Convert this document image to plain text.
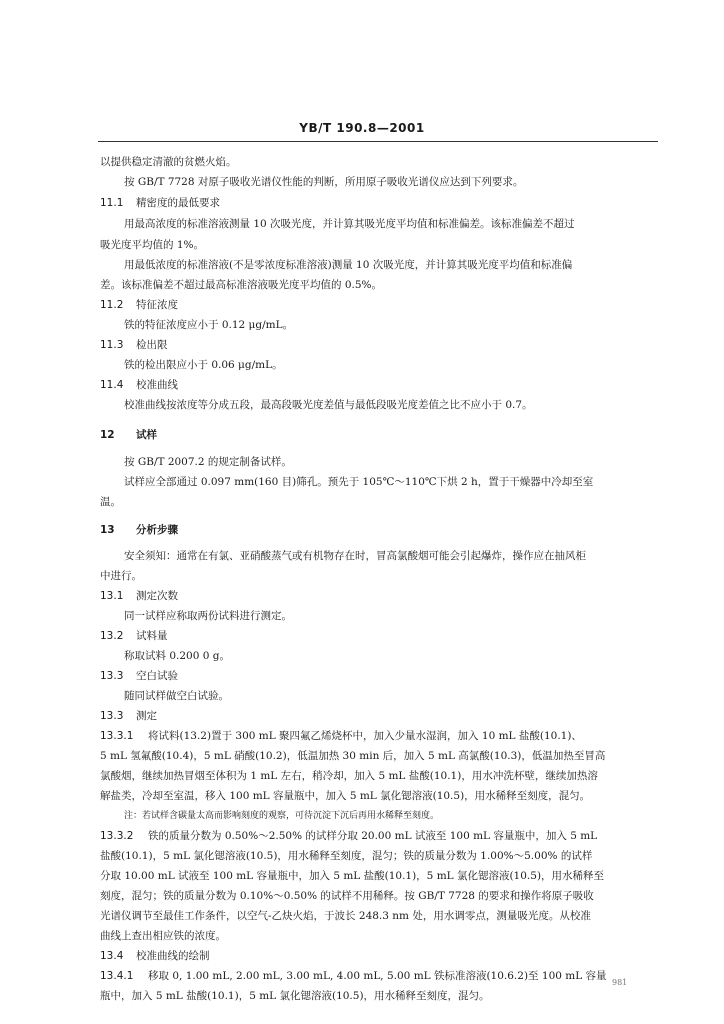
YB/T 190.8—2001
以提供稳定清澈的贫燃火焰。
按 GB/T 7728 对原子吸收光谱仪性能的判断，所用原子吸收光谱仪应达到下列要求。
11.1 精密度的最低要求
用最高浓度的标准溶液测量 10 次吸光度，并计算其吸光度平均值和标准偏差。该标准偏差不超过
吸光度平均值的 1%。
用最低浓度的标准溶液(不是零浓度标准溶液)测量 10 次吸光度，并计算其吸光度平均值和标准偏
差。该标准偏差不超过最高标准溶液吸光度平均值的 0.5%。
11.2 特征浓度
铁的特征浓度应小于 0.12 μg/mL。
11.3 检出限
铁的检出限应小于 0.06 μg/mL。
11.4 校准曲线
校准曲线按浓度等分成五段，最高段吸光度差值与最低段吸光度差值之比不应小于 0.7。
12 试样
按 GB/T 2007.2 的规定制备试样。
试样应全部通过 0.097 mm(160 目)筛孔。预先于 105℃～110℃下烘 2 h，置于干燥器中冷却至室
温。
13 分析步骤
安全须知：通常在有氯、亚硝酸蒸气或有机物存在时，冒高氯酸烟可能会引起爆炸，操作应在抽风柜
中进行。
13.1 测定次数
同一试样应称取两份试料进行测定。
13.2 试料量
称取试料 0.200 0 g。
13.3 空白试验
随同试样做空白试验。
13.3 测定
13.3.1 将试料(13.2)置于 300 mL 聚四氟乙烯烧杯中，加入少量水湿润，加入 10 mL 盐酸(10.1)、
5 mL 氢氟酸(10.4)，5 mL 硝酸(10.2)，低温加热 30 min 后，加入 5 mL 高氯酸(10.3)，低温加热至冒高
氯酸烟，继续加热冒烟至体积为 1 mL 左右，稍冷却，加入 5 mL 盐酸(10.1)，用水冲洗杯壁，继续加热溶
解盐类，冷却至室温，移入 100 mL 容量瓶中，加入 5 mL 氯化锶溶液(10.5)，用水稀释至刻度，混匀。
注：若试样含碳量太高而影响刻度的观察，可待沉淀下沉后再用水稀释至刻度。
13.3.2 铁的质量分数为 0.50%～2.50% 的试样分取 20.00 mL 试液至 100 mL 容量瓶中，加入 5 mL
盐酸(10.1)，5 mL 氯化锶溶液(10.5)，用水稀释至刻度，混匀；铁的质量分数为 1.00%～5.00% 的试样
分取 10.00 mL 试液至 100 mL 容量瓶中，加入 5 mL 盐酸(10.1)，5 mL 氯化锶溶液(10.5)，用水稀释至
刻度，混匀；铁的质量分数为 0.10%～0.50% 的试样不用稀释。按 GB/T 7728 的要求和操作将原子吸收
光谱仪调节至最佳工作条件，以空气-乙炔火焰，于波长 248.3 nm 处，用水调零点，测量吸光度。从校准
曲线上查出相应铁的浓度。
13.4 校准曲线的绘制
13.4.1 移取 0, 1.00 mL, 2.00 mL, 3.00 mL, 4.00 mL, 5.00 mL 铁标准溶液(10.6.2)至 100 mL 容量
瓶中，加入 5 mL 盐酸(10.1)，5 mL 氯化锶溶液(10.5)，用水稀释至刻度，混匀。
981
